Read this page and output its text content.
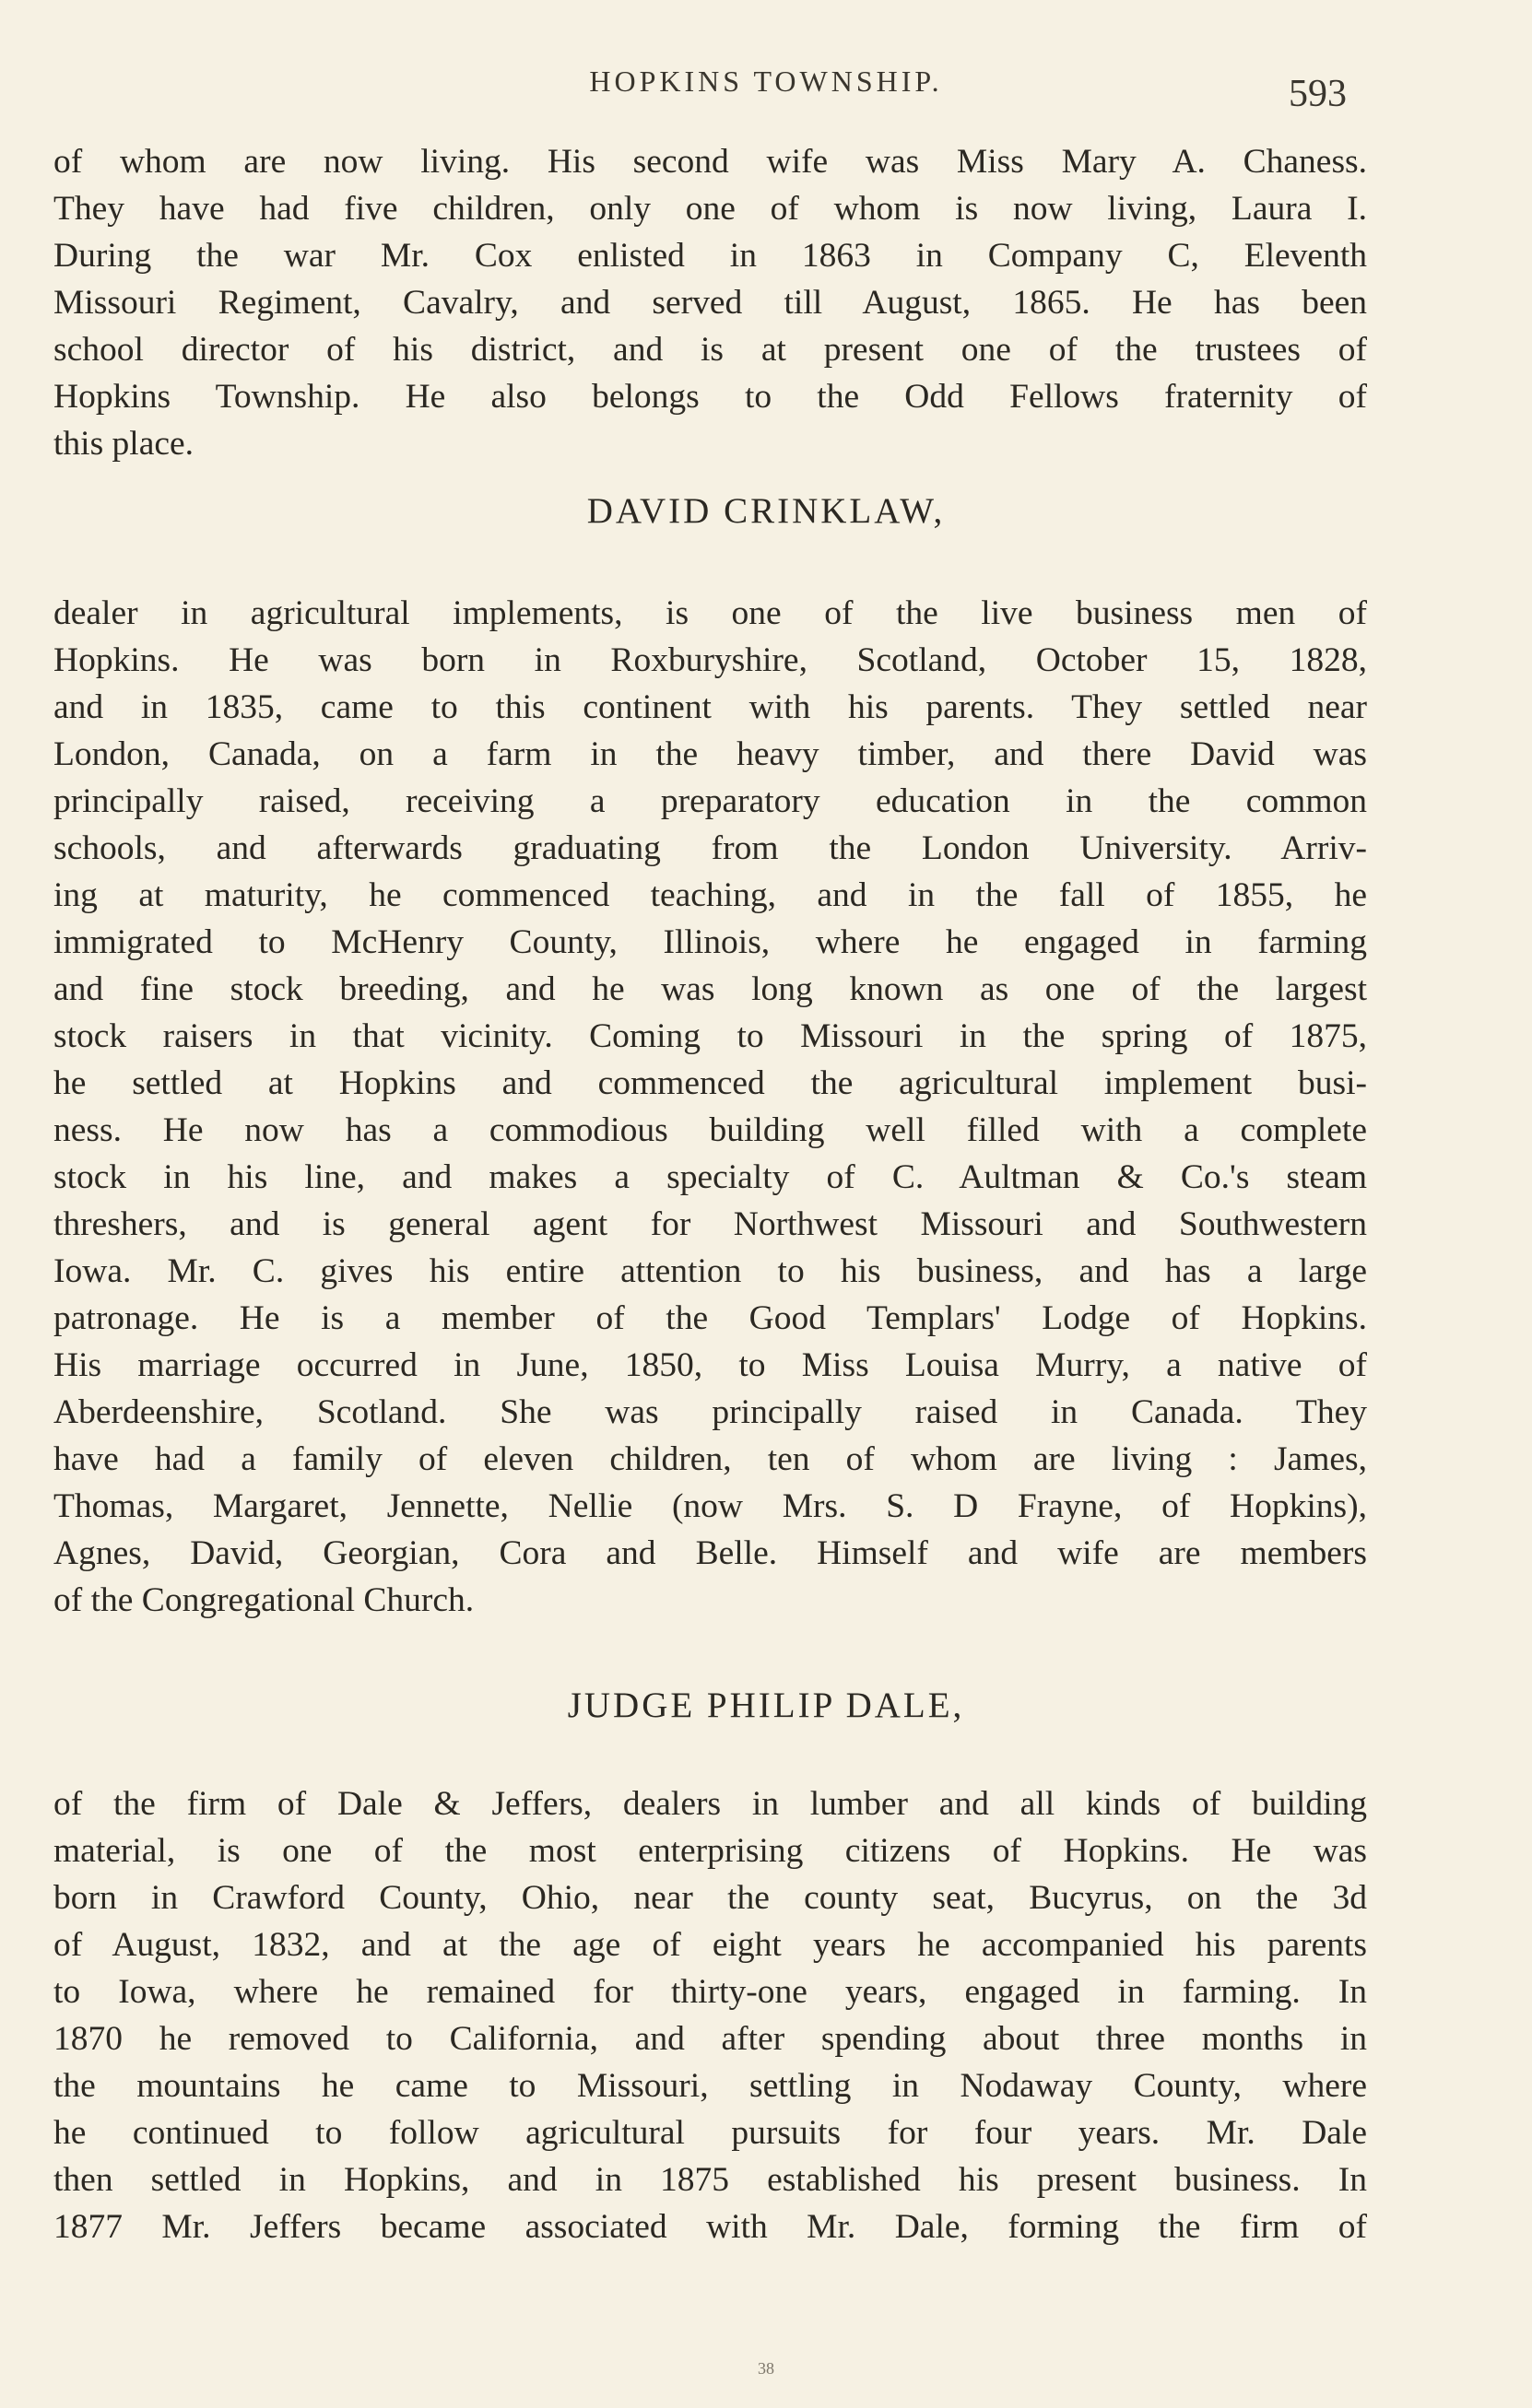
HOPKINS TOWNSHIP.	593
of whom are now living. His second wife was Miss Mary A. Chaness.
They have had five children, only one of whom is now living, Laura I.
During the war Mr. Cox enlisted in 1863 in Company C, Eleventh
Missouri Regiment, Cavalry, and served till August, 1865. He has been
school director of his district, and is at present one of the trustees of
Hopkins Township. He also belongs to the Odd Fellows fraternity of
this place.
DAVID CRINKLAW,
dealer in agricultural implements, is one of the live business men of
Hopkins. He was born in Roxburyshire, Scotland, October 15, 1828,
and in 1835, came to this continent with his parents. They settled near
London, Canada, on a farm in the heavy timber, and there David was
principally raised, receiving a preparatory education in the common
schools, and afterwards graduating from the London University. Arriv-
ing at maturity, he commenced teaching, and in the fall of 1855, he
immigrated to McHenry County, Illinois, where he engaged in farming
and fine stock breeding, and he was long known as one of the largest
stock raisers in that vicinity. Coming to Missouri in the spring of 1875,
he settled at Hopkins and commenced the agricultural implement busi-
ness. He now has a commodious building well filled with a complete
stock in his line, and makes a specialty of C. Aultman & Co.'s steam
threshers, and is general agent for Northwest Missouri and Southwestern
Iowa. Mr. C. gives his entire attention to his business, and has a large
patronage. He is a member of the Good Templars' Lodge of Hopkins.
His marriage occurred in June, 1850, to Miss Louisa Murry, a native of
Aberdeenshire, Scotland. She was principally raised in Canada. They
have had a family of eleven children, ten of whom are living : James,
Thomas, Margaret, Jennette, Nellie (now Mrs. S. D Frayne, of Hopkins),
Agnes, David, Georgian, Cora and Belle. Himself and wife are members
of the Congregational Church.
JUDGE PHILIP DALE,
of the firm of Dale & Jeffers, dealers in lumber and all kinds of building
material, is one of the most enterprising citizens of Hopkins. He was
born in Crawford County, Ohio, near the county seat, Bucyrus, on the 3d
of August, 1832, and at the age of eight years he accompanied his parents
to Iowa, where he remained for thirty-one years, engaged in farming. In
1870 he removed to California, and after spending about three months in
the mountains he came to Missouri, settling in Nodaway County, where
he continued to follow agricultural pursuits for four years. Mr. Dale
then settled in Hopkins, and in 1875 established his present business. In
1877 Mr. Jeffers became associated with Mr. Dale, forming the firm of
38
